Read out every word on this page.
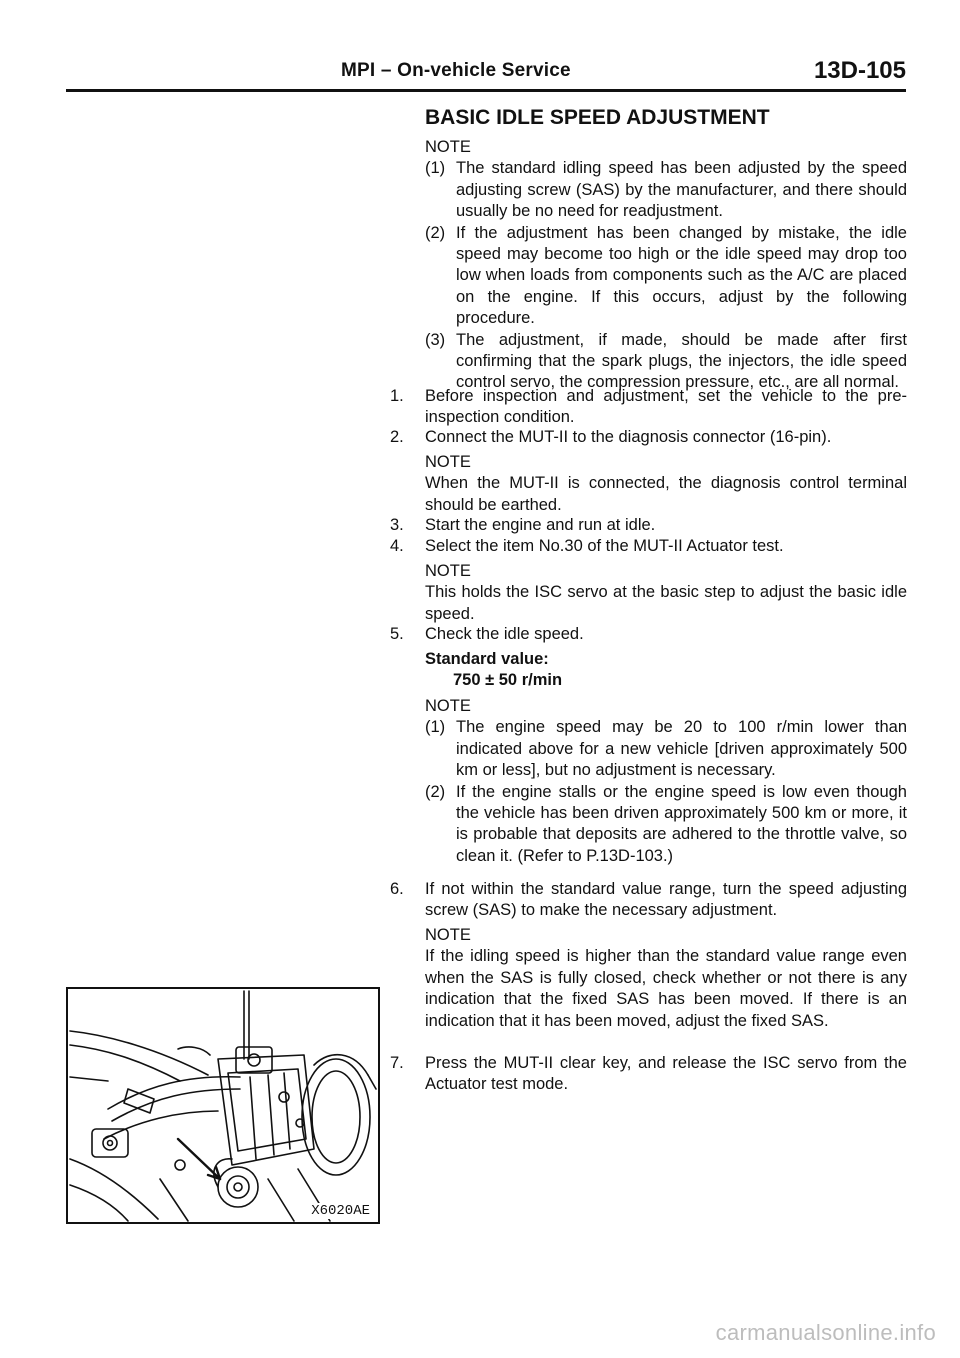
MPI – On-vehicle Service	13D-105
BASIC IDLE SPEED ADJUSTMENT
NOTE
(1) The standard idling speed has been adjusted by the speed adjusting screw (SAS) by the manufacturer, and there should usually be no need for readjustment.
(2) If the adjustment has been changed by mistake, the idle speed may become too high or the idle speed may drop too low when loads from components such as the A/C are placed on the engine. If this occurs, adjust by the following procedure.
(3) The adjustment, if made, should be made after first confirming that the spark plugs, the injectors, the idle speed control servo, the compression pressure, etc., are all normal.
1.	Before inspection and adjustment, set the vehicle to the pre-inspection condition.
2.	Connect the MUT-II to the diagnosis connector (16-pin).
NOTE
When the MUT-II is connected, the diagnosis control terminal should be earthed.
3.	Start the engine and run at idle.
4.	Select the item No.30 of the MUT-II Actuator test.
NOTE
This holds the ISC servo at the basic step to adjust the basic idle speed.
5.	Check the idle speed.
Standard value:
750 ± 50 r/min
NOTE
(1) The engine speed may be 20 to 100 r/min lower than indicated above for a new vehicle [driven approximately 500 km or less], but no adjustment is necessary.
(2) If the engine stalls or the engine speed is low even though the vehicle has been driven approximately 500 km or more, it is probable that deposits are adhered to the throttle valve, so clean it. (Refer to P.13D-103.)
6.	If not within the standard value range, turn the speed adjusting screw (SAS) to make the necessary adjustment.
NOTE
If the idling speed is higher than the standard value range even when the SAS is fully closed, check whether or not there is any indication that the fixed SAS has been moved. If there is an indication that it has been moved, adjust the fixed SAS.
7.	Press the MUT-II clear key, and release the ISC servo from the Actuator test mode.
X6020AE
carmanualsonline.info
